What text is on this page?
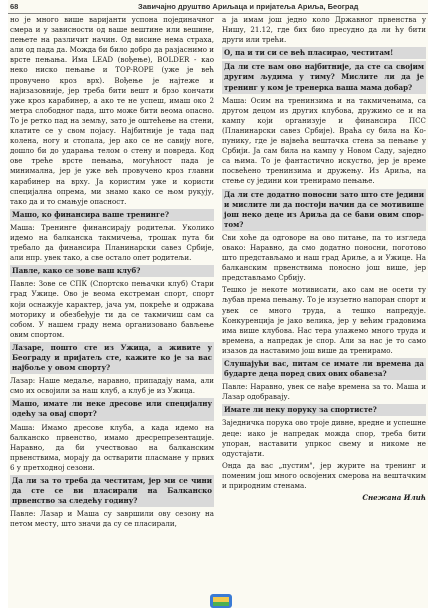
68	Завичајно друштво Ариљаца и пријатеља Ариља, Београд

но је много више варијанти успона појединачног смера и у зависности од ваше вештине или вешине, пењете на различит начин. Од висине нема страха, али од пада да. Можда би било добро да разјаснимо и врсте пењања. Има LEAD (вођење), BOLDER - као неко ниско пењање и TOP-ROPE (уже је већ провучено кроз врх). Вођење је најтеже и најизазовније, јер треба бити вешт и брзо кончати уже кроз карабинер, а ако те не успеш, имаш око 2 метра слободног пада, што може бити веома опасно. То је ретко пад на земљу, зато је оштећење на стени, клатите се у свом појасу. Најбитније је тада пад колена, ногу и стопала, јер ако се не савију ноге, дошло би до ударања телом о стену и повреда. Код ове треће врсте пењања, могућност пада је минимална, јер је уже већ провучено кроз главни карабинер на врху. Ја користим уже и користи специјална опрема, ми знамо како се њом рукују, тако да и то смањује опасност.

Машо, ко финансира ваше тренинге?

Маша: Тренинге финансирају родитељи. Уколико идемо на балканска такмичења, трошак пута би требало да финансира Планинарски савез Србије, али нпр. увек тако, а све остало опет родитељи.

Павле, како се зове ваш клуб?

Павле: Зове се СПК (Спортско пењачки клуб) Стари град Ужице. Ово је веома екстреман спорт, спорт који оснажује карактер, јача ум, покреће и одржава моторику и обезбеђује ти да се такмичиш сам са собом. У нашем граду нема организовано бављење овим спортом.

Лазаре, пошто сте из Ужица, а живите у Београду и пријатељ сте, кажите ко је за вас најбоље у овом спорту?

Лазар: Наше медаље, наравно, припадају нама, али смо их освојили за наш клуб, а клуб је из Ужица.

Машо, имате ли неке дресове или специјалну одећу за овај спорт?

Маша: Имамо дресове клуба, а када идемо на балканско првенство, имамо дресрепрезентације. Наравно, да би учествовао на балканским првенствима, морају да остварити пласмане у првих 6 у претходној сезони.

Да ли за то треба да честитам, јер ми се чини да сте се ви пласирали на Балканско првенство за следећу годину?

Павле: Лазар и Маша су завршили ову сезону на петом месту, што значи да су се пласирали,

а ја имам још једно коло Државног првенства у Нишу, 21.12, где бих био пресудно да ли ћу бити други или трећи.

О, па и ти си се већ пласирао, честитам!

Да ли сте вам ово најбитније, да сте са својим другим људима у тиму? Мислите ли да је тренинг у ком је тренерка ваша мама добар?

Маша: Осим на тренинзима и на такмичењима, са другом децом из других клубова, дружимо се и на кампу који организује и финансира ПСС (Планинарски савез Србије). Враћа су била на Копунику, где је највећа вештачка стена за пењање у Србији. Ја сам била на кампу у Новом Саду, заједно са њима. То је фантастично искуство, јер је време посвећено тренинзима и дружењу. Из Ариља, на стење су једини кои тренирамо пењање.

Да ли сте додатно поносни зато што сте једини и мислите ли да постоји начин да се мотивише још неко деце из Ариља да се бави овим спортом?

Сви хоће да одговоре на ово питање, па то изгледа овако: Наравно, да смо додатно поносни, поготово што представљамо и наш град Ариље, а и Ужице. На балканским првенствима поносно још више, јер представљамо Србију.

Тешко је некоте мотивисати, ако сам не осети ту љубав према пењању. То је изузетно напоран спорт и увек се много труда, а тешко напредује. Конкуренција је јако велика, јер у већим градовима има више клубова. Нас тера улажемо много труда и времена, а напредак је спор. Али за нас је то само изазов да наставимо још више да тренирамо.

Слушајући вас, питам се имате ли времена да бударте деца поред свих ових обавеза?

Павле: Наравно, увек се нађе времена за то. Маша и Лазар одобравају.

Имате ли неку поруку за спортисте?

Заједничка порука ово троје дивне, вредне и успешне деце: иако је напредак можда спор, треба бити упоран, наставити упркос свему и никоме не одустајати.

Онда да вас „пустим", јер журите на тренинг и поменим још много освојених смерова на вештачким и природним стенама.

Снежана Илић
